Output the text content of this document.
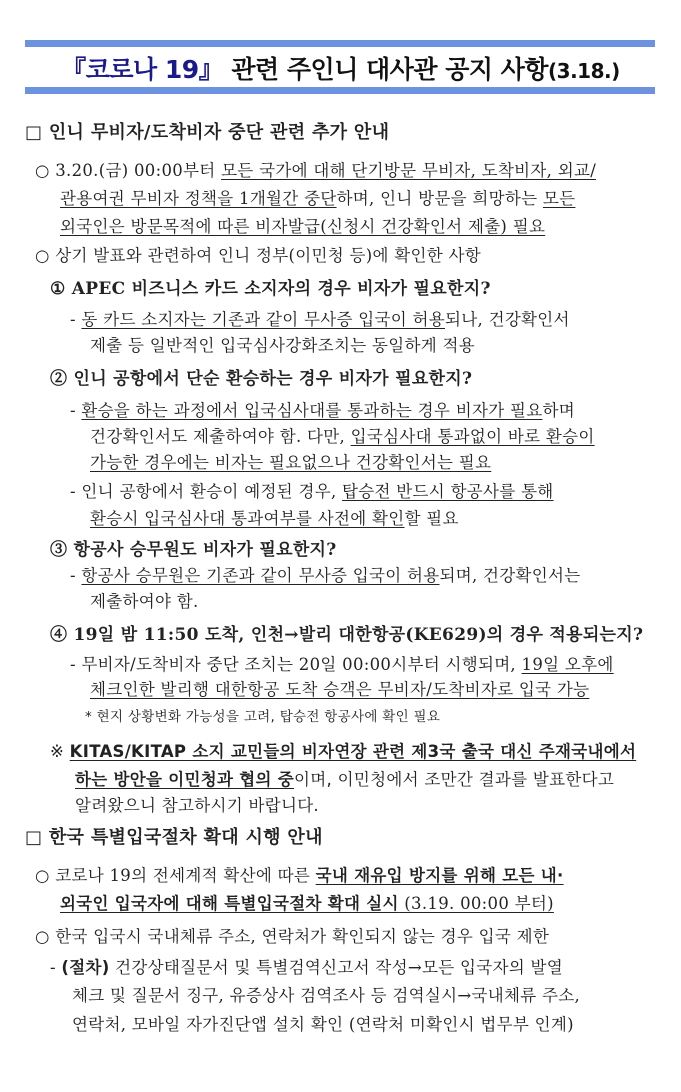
『코로나 19』 관련 주인니 대사관 공지 사항(3.18.)
□ 인니 무비자/도착비자 중단 관련 추가 안내
○ 3.20.(금) 00:00부터 모든 국가에 대해 단기방문 무비자, 도착비자, 외교/
관용여권 무비자 정책을 1개월간 중단하며, 인니 방문을 희망하는 모든
외국인은 방문목적에 따른 비자발급(신청시 건강확인서 제출) 필요
○ 상기 발표와 관련하여 인니 정부(이민청 등)에 확인한 사항
① APEC 비즈니스 카드 소지자의 경우 비자가 필요한지?
- 동 카드 소지자는 기존과 같이 무사증 입국이 허용되나, 건강확인서
제출 등 일반적인 입국심사강화조치는 동일하게 적용
② 인니 공항에서 단순 환승하는 경우 비자가 필요한지?
- 환승을 하는 과정에서 입국심사대를 통과하는 경우 비자가 필요하며
건강확인서도 제출하여야 함. 다만, 입국심사대 통과없이 바로 환승이
가능한 경우에는 비자는 필요없으나 건강확인서는 필요
- 인니 공항에서 환승이 예정된 경우, 탑승전 반드시 항공사를 통해
환승시 입국심사대 통과여부를 사전에 확인할 필요
③ 항공사 승무원도 비자가 필요한지?
- 항공사 승무원은 기존과 같이 무사증 입국이 허용되며, 건강확인서는
제출하여야 함.
④ 19일 밤 11:50 도착, 인천→발리 대한항공(KE629)의 경우 적용되는지?
- 무비자/도착비자 중단 조치는 20일 00:00시부터 시행되며, 19일 오후에
체크인한 발리행 대한항공 도착 승객은 무비자/도착비자로 입국 가능
* 현지 상황변화 가능성을 고려, 탑승전 항공사에 확인 필요
※ KITAS/KITAP 소지 교민들의 비자연장 관련 제3국 출국 대신 주재국내에서
하는 방안을 이민청과 협의 중이며, 이민청에서 조만간 결과를 발표한다고
알려왔으니 참고하시기 바랍니다.
□ 한국 특별입국절차 확대 시행 안내
○ 코로나 19의 전세계적 확산에 따른 국내 재유입 방지를 위해 모든 내·
외국인 입국자에 대해 특별입국절차 확대 실시 (3.19. 00:00 부터)
○ 한국 입국시 국내체류 주소, 연락처가 확인되지 않는 경우 입국 제한
- (절차) 건강상태질문서 및 특별검역신고서 작성→모든 입국자의 발열
체크 및 질문서 징구, 유증상사 검역조사 등 검역실시→국내체류 주소,
연락처, 모바일 자가진단앱 설치 확인 (연락처 미확인시 법무부 인계)
